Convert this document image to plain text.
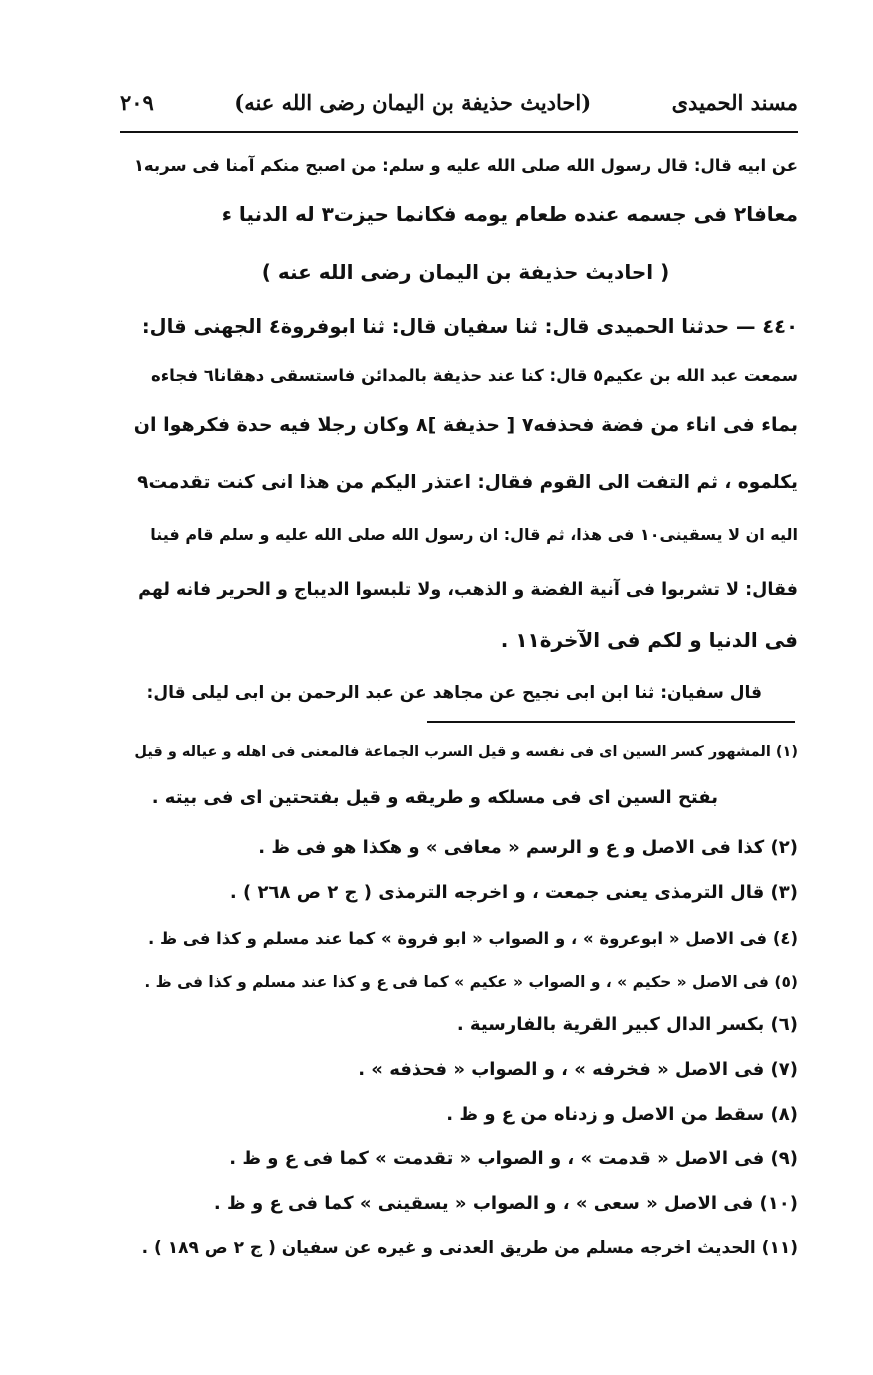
مسند الحميدى
(احاديث حذيفة بن اليمان رضى الله عنه)
٢٠٩
عن ابيه قال: قال رسول الله صلى الله عليه و سلم: من اصبح منكم آمنا فى سربه١
معافا٢ فى جسمه عنده طعام يومه فكانما حيزت٣ له الدنيا ء
( احاديث حذيفة بن اليمان رضى الله عنه )
٤٤٠ — حدثنا الحميدى قال: ثنا سفيان قال: ثنا ابوفروة٤ الجهنى قال:
سمعت عبد الله بن عكيم٥ قال: كنا عند حذيفة بالمدائن فاستسقى دهقانا٦ فجاءه
بماء فى اناء من فضة فحذفه٧ [ حذيفة ]٨ وكان رجلا فيه حدة فكرهوا ان
يكلموه ، ثم التفت الى القوم فقال: اعتذر اليكم من هذا انى كنت تقدمت٩
اليه ان لا يسقينى١٠ فى هذا، ثم قال: ان رسول الله صلى الله عليه و سلم قام فينا
فقال: لا تشربوا فى آنية الفضة و الذهب، ولا تلبسوا الديباج و الحرير فانه لهم
فى الدنيا و لكم فى الآخرة١١ .
قال سفيان: ثنا ابن ابى نجيح عن مجاهد عن عبد الرحمن بن ابى ليلى قال:
(١) المشهور كسر السين اى فى نفسه و قيل السرب الجماعة فالمعنى فى اهله و عياله و قيل
بفتح السين اى فى مسلكه و طريقه و قيل بفتحتين اى فى بيته .
(٢) كذا فى الاصل و ع و الرسم « معافى » و هكذا هو فى ظ .
(٣) قال الترمذى يعنى جمعت ، و اخرجه الترمذى ( ج ٢ ص ٢٦٨ ) .
(٤) فى الاصل « ابوعروة » ، و الصواب « ابو فروة » كما عند مسلم و كذا فى ظ .
(٥) فى الاصل « حكيم » ، و الصواب « عكيم » كما فى ع و كذا عند مسلم و كذا فى ظ .
(٦) بكسر الدال كبير القرية بالفارسية .
(٧) فى الاصل « فخرفه » ، و الصواب « فحذفه » .
(٨) سقط من الاصل و زدناه من ع و ظ .
(٩) فى الاصل « قدمت » ، و الصواب « تقدمت » كما فى ع و ظ .
(١٠) فى الاصل « سعى » ، و الصواب « يسقينى » كما فى ع و ظ .
(١١) الحديث اخرجه مسلم من طريق العدنى و غيره عن سفيان ( ج ٢ ص ١٨٩ ) .
